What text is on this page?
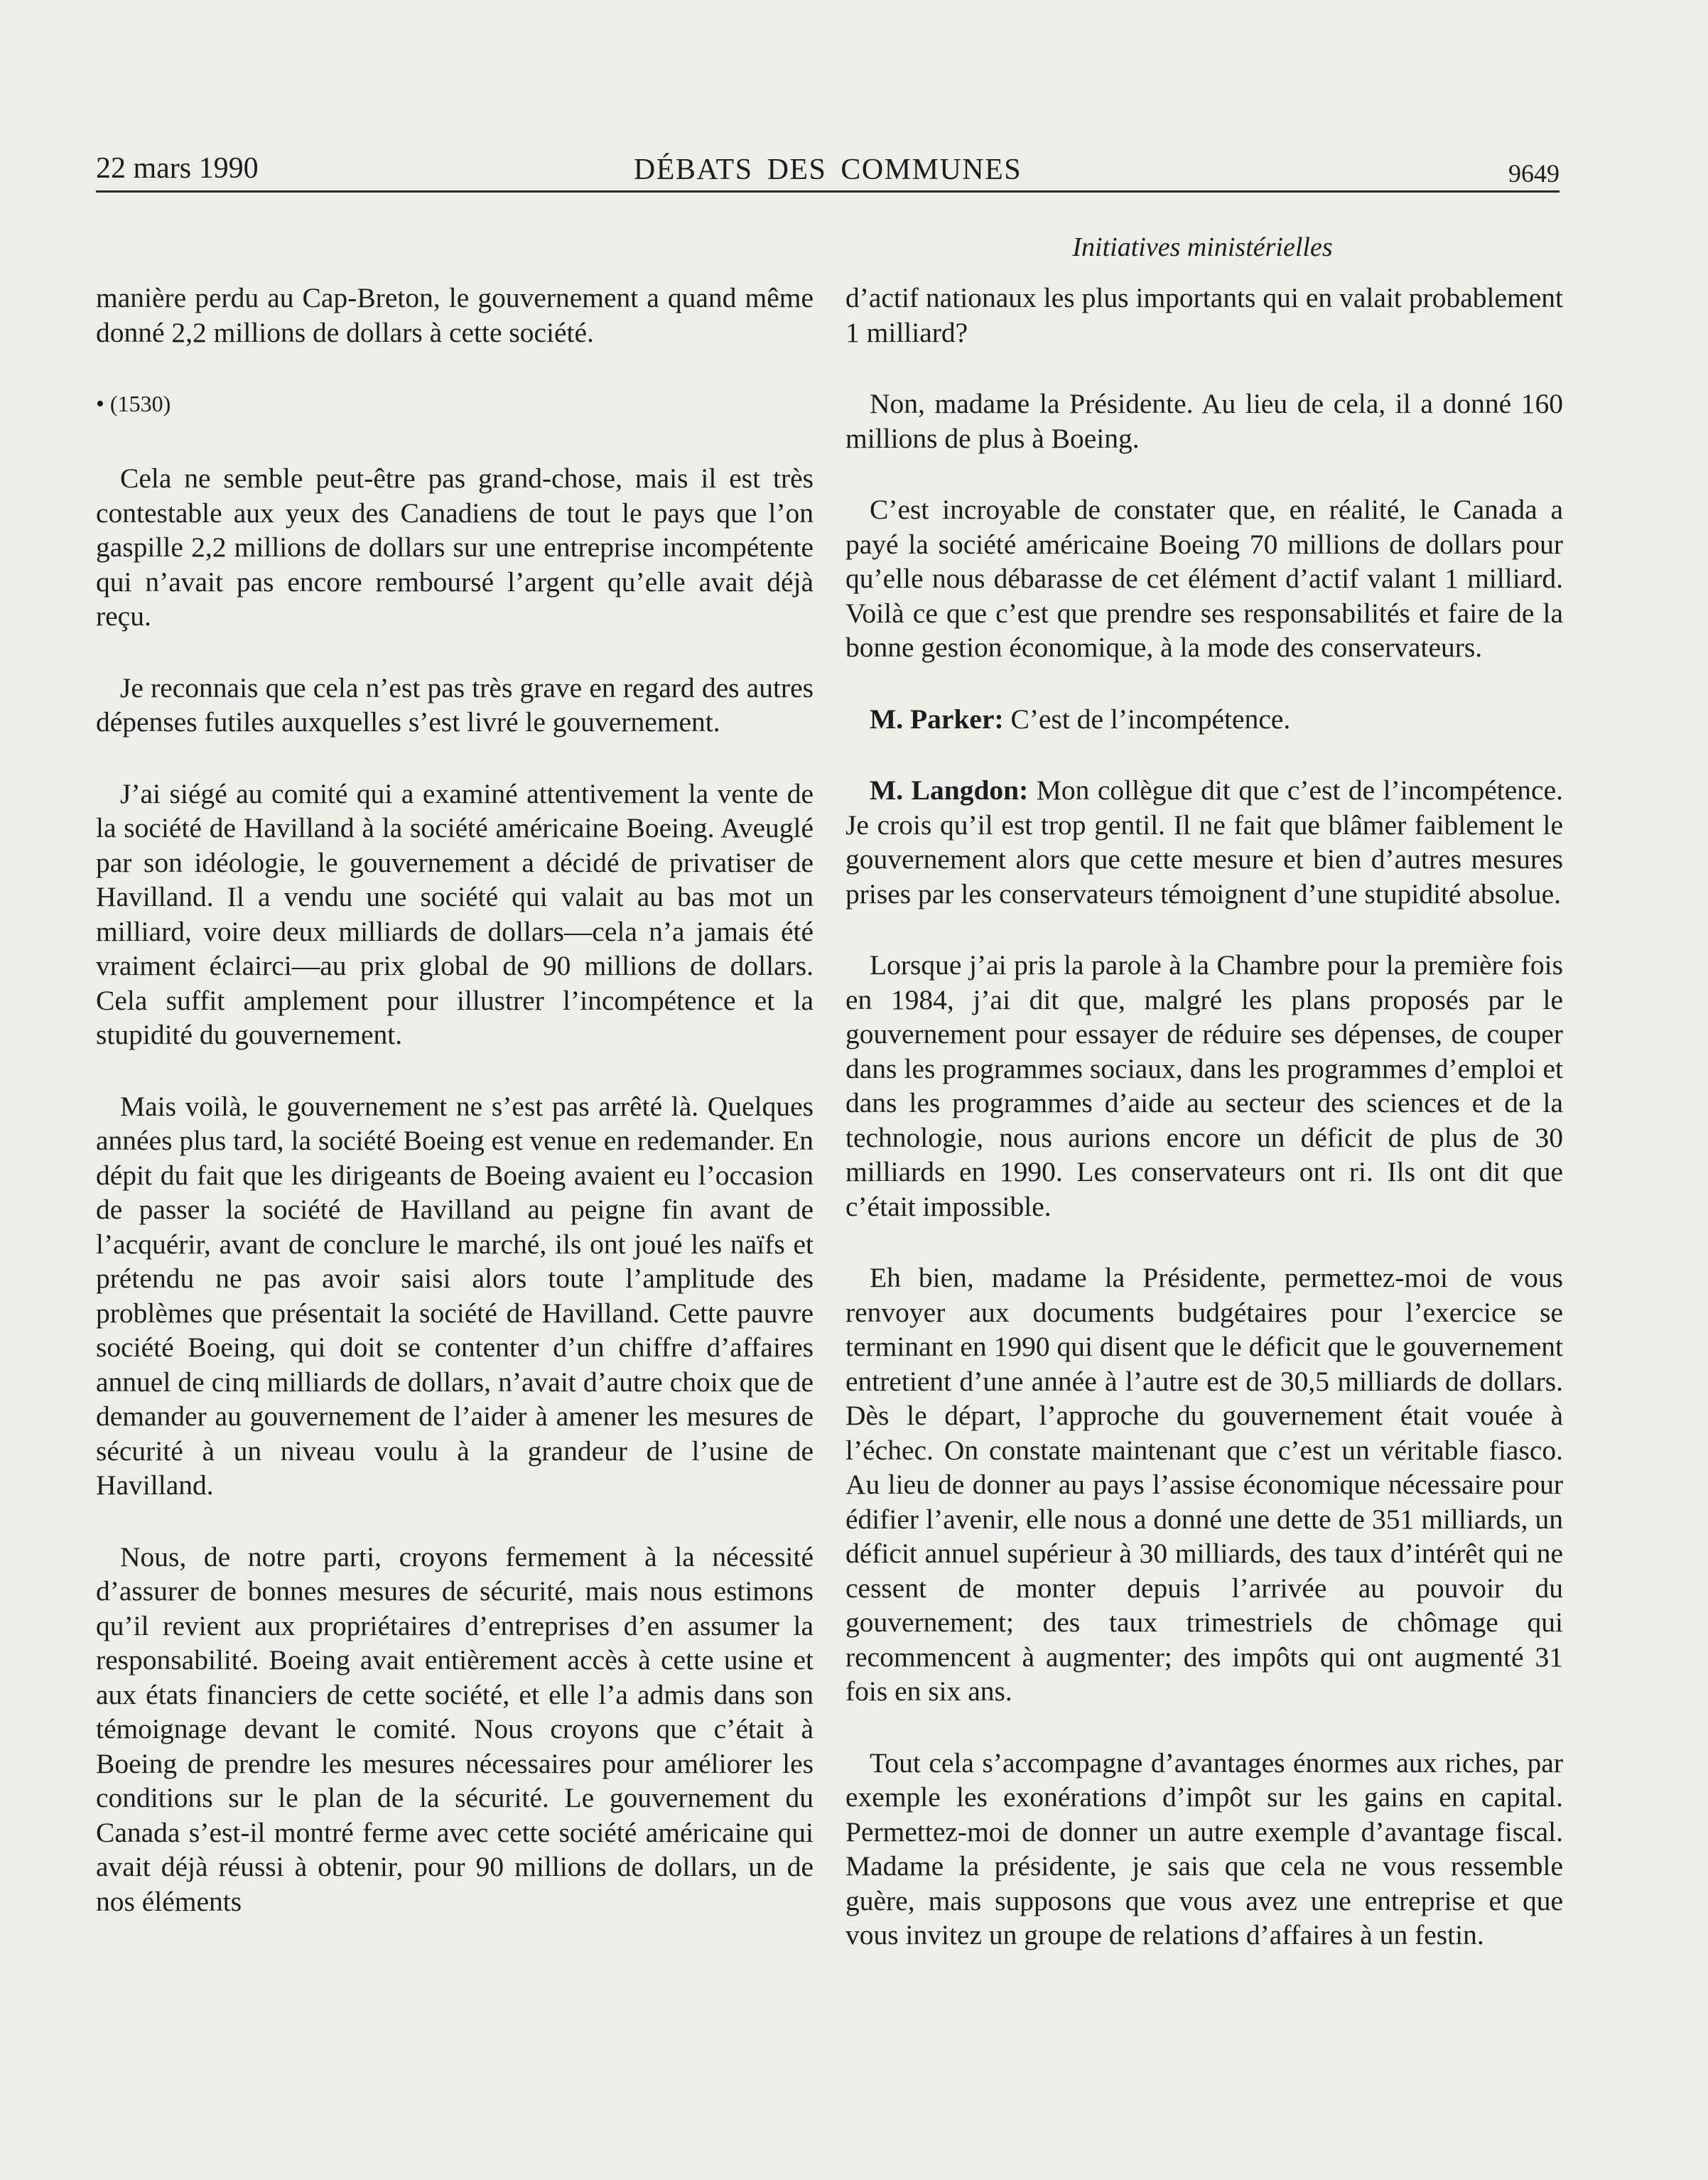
22 mars 1990	DÉBATS DES COMMUNES	9649
Initiatives ministérielles

manière perdu au Cap-Breton, le gouvernement a quand même donné 2,2 millions de dollars à cette société.

• (1530)

Cela ne semble peut-être pas grand-chose, mais il est très contestable aux yeux des Canadiens de tout le pays que l’on gaspille 2,2 millions de dollars sur une entreprise incompétente qui n’avait pas encore remboursé l’argent qu’elle avait déjà reçu.

Je reconnais que cela n’est pas très grave en regard des autres dépenses futiles auxquelles s’est livré le gouvernement.

J’ai siégé au comité qui a examiné attentivement la vente de la société de Havilland à la société américaine Boeing. Aveuglé par son idéologie, le gouvernement a décidé de privatiser de Havilland. Il a vendu une société qui valait au bas mot un milliard, voire deux milliards de dollars—cela n’a jamais été vraiment éclairci—au prix global de 90 millions de dollars. Cela suffit amplement pour illustrer l’incompétence et la stupidité du gouvernement.

Mais voilà, le gouvernement ne s’est pas arrêté là. Quelques années plus tard, la société Boeing est venue en redemander. En dépit du fait que les dirigeants de Boeing avaient eu l’occasion de passer la société de Havilland au peigne fin avant de l’acquérir, avant de conclure le marché, ils ont joué les naïfs et prétendu ne pas avoir saisi alors toute l’amplitude des problèmes que présentait la société de Havilland. Cette pauvre société Boeing, qui doit se contenter d’un chiffre d’affaires annuel de cinq milliards de dollars, n’avait d’autre choix que de demander au gouvernement de l’aider à amener les mesures de sécurité à un niveau voulu à la grandeur de l’usine de Havilland.

Nous, de notre parti, croyons fermement à la nécessité d’assurer de bonnes mesures de sécurité, mais nous estimons qu’il revient aux propriétaires d’entreprises d’en assumer la responsabilité. Boeing avait entièrement accès à cette usine et aux états financiers de cette société, et elle l’a admis dans son témoignage devant le comité. Nous croyons que c’était à Boeing de prendre les mesures nécessaires pour améliorer les conditions sur le plan de la sécurité. Le gouvernement du Canada s’est-il montré ferme avec cette société américaine qui avait déjà réussi à obtenir, pour 90 millions de dollars, un de nos éléments

d’actif nationaux les plus importants qui en valait probablement 1 milliard?

Non, madame la Présidente. Au lieu de cela, il a donné 160 millions de plus à Boeing.

C’est incroyable de constater que, en réalité, le Canada a payé la société américaine Boeing 70 millions de dollars pour qu’elle nous débarasse de cet élément d’actif valant 1 milliard. Voilà ce que c’est que prendre ses responsabilités et faire de la bonne gestion économique, à la mode des conservateurs.

M. Parker: C’est de l’incompétence.

M. Langdon: Mon collègue dit que c’est de l’incompétence. Je crois qu’il est trop gentil. Il ne fait que blâmer faiblement le gouvernement alors que cette mesure et bien d’autres mesures prises par les conservateurs témoignent d’une stupidité absolue.

Lorsque j’ai pris la parole à la Chambre pour la première fois en 1984, j’ai dit que, malgré les plans proposés par le gouvernement pour essayer de réduire ses dépenses, de couper dans les programmes sociaux, dans les programmes d’emploi et dans les programmes d’aide au secteur des sciences et de la technologie, nous aurions encore un déficit de plus de 30 milliards en 1990. Les conservateurs ont ri. Ils ont dit que c’était impossible.

Eh bien, madame la Présidente, permettez-moi de vous renvoyer aux documents budgétaires pour l’exercice se terminant en 1990 qui disent que le déficit que le gouvernement entretient d’une année à l’autre est de 30,5 milliards de dollars. Dès le départ, l’approche du gouvernement était vouée à l’échec. On constate maintenant que c’est un véritable fiasco. Au lieu de donner au pays l’assise économique nécessaire pour édifier l’avenir, elle nous a donné une dette de 351 milliards, un déficit annuel supérieur à 30 milliards, des taux d’intérêt qui ne cessent de monter depuis l’arrivée au pouvoir du gouvernement; des taux trimestriels de chômage qui recommencent à augmenter; des impôts qui ont augmenté 31 fois en six ans.

Tout cela s’accompagne d’avantages énormes aux riches, par exemple les exonérations d’impôt sur les gains en capital. Permettez-moi de donner un autre exemple d’avantage fiscal. Madame la présidente, je sais que cela ne vous ressemble guère, mais supposons que vous avez une entreprise et que vous invitez un groupe de relations d’affaires à un festin.
